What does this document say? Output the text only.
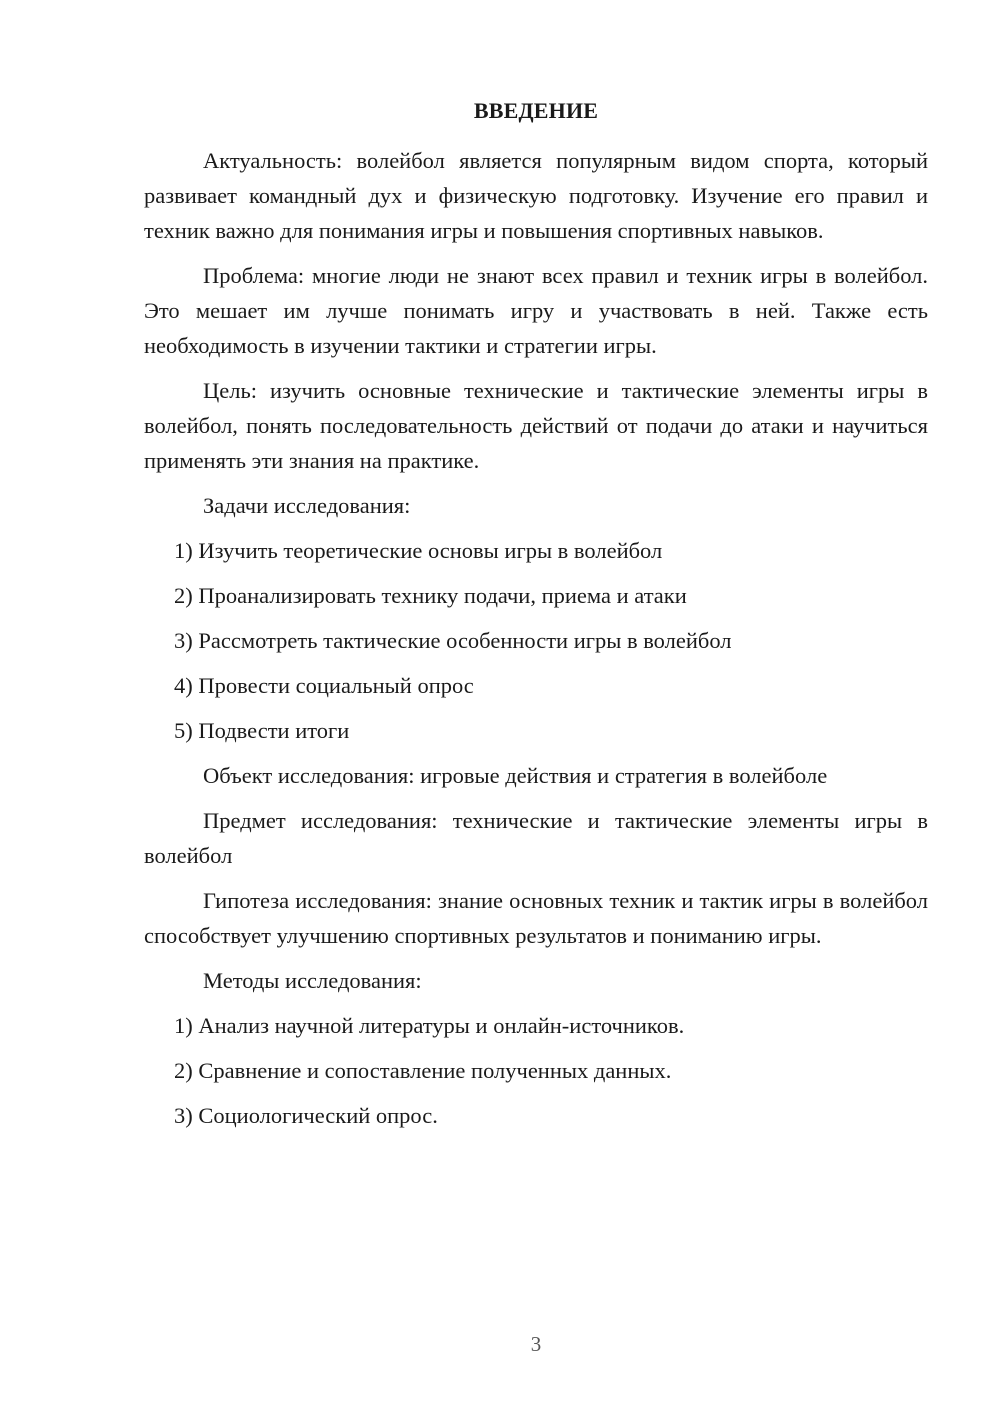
ВВЕДЕНИЕ

Актуальность: волейбол является популярным видом спорта, который развивает командный дух и физическую подготовку. Изучение его правил и техник важно для понимания игры и повышения спортивных навыков.

Проблема: многие люди не знают всех правил и техник игры в волейбол. Это мешает им лучше понимать игру и участвовать в ней. Также есть необходимость в изучении тактики и стратегии игры.

Цель: изучить основные технические и тактические элементы игры в волейбол, понять последовательность действий от подачи до атаки и научиться применять эти знания на практике.

Задачи исследования:

1) Изучить теоретические основы игры в волейбол

2) Проанализировать технику подачи, приема и атаки

3) Рассмотреть тактические особенности игры в волейбол

4) Провести социальный опрос

5) Подвести итоги

Объект исследования: игровые действия и стратегия в волейболе

Предмет исследования: технические и тактические элементы игры в волейбол

Гипотеза исследования: знание основных техник и тактик игры в волейбол способствует улучшению спортивных результатов и пониманию игры.

Методы исследования:

1) Анализ научной литературы и онлайн-источников.

2) Сравнение и сопоставление полученных данных.

3) Социологический опрос.

3
